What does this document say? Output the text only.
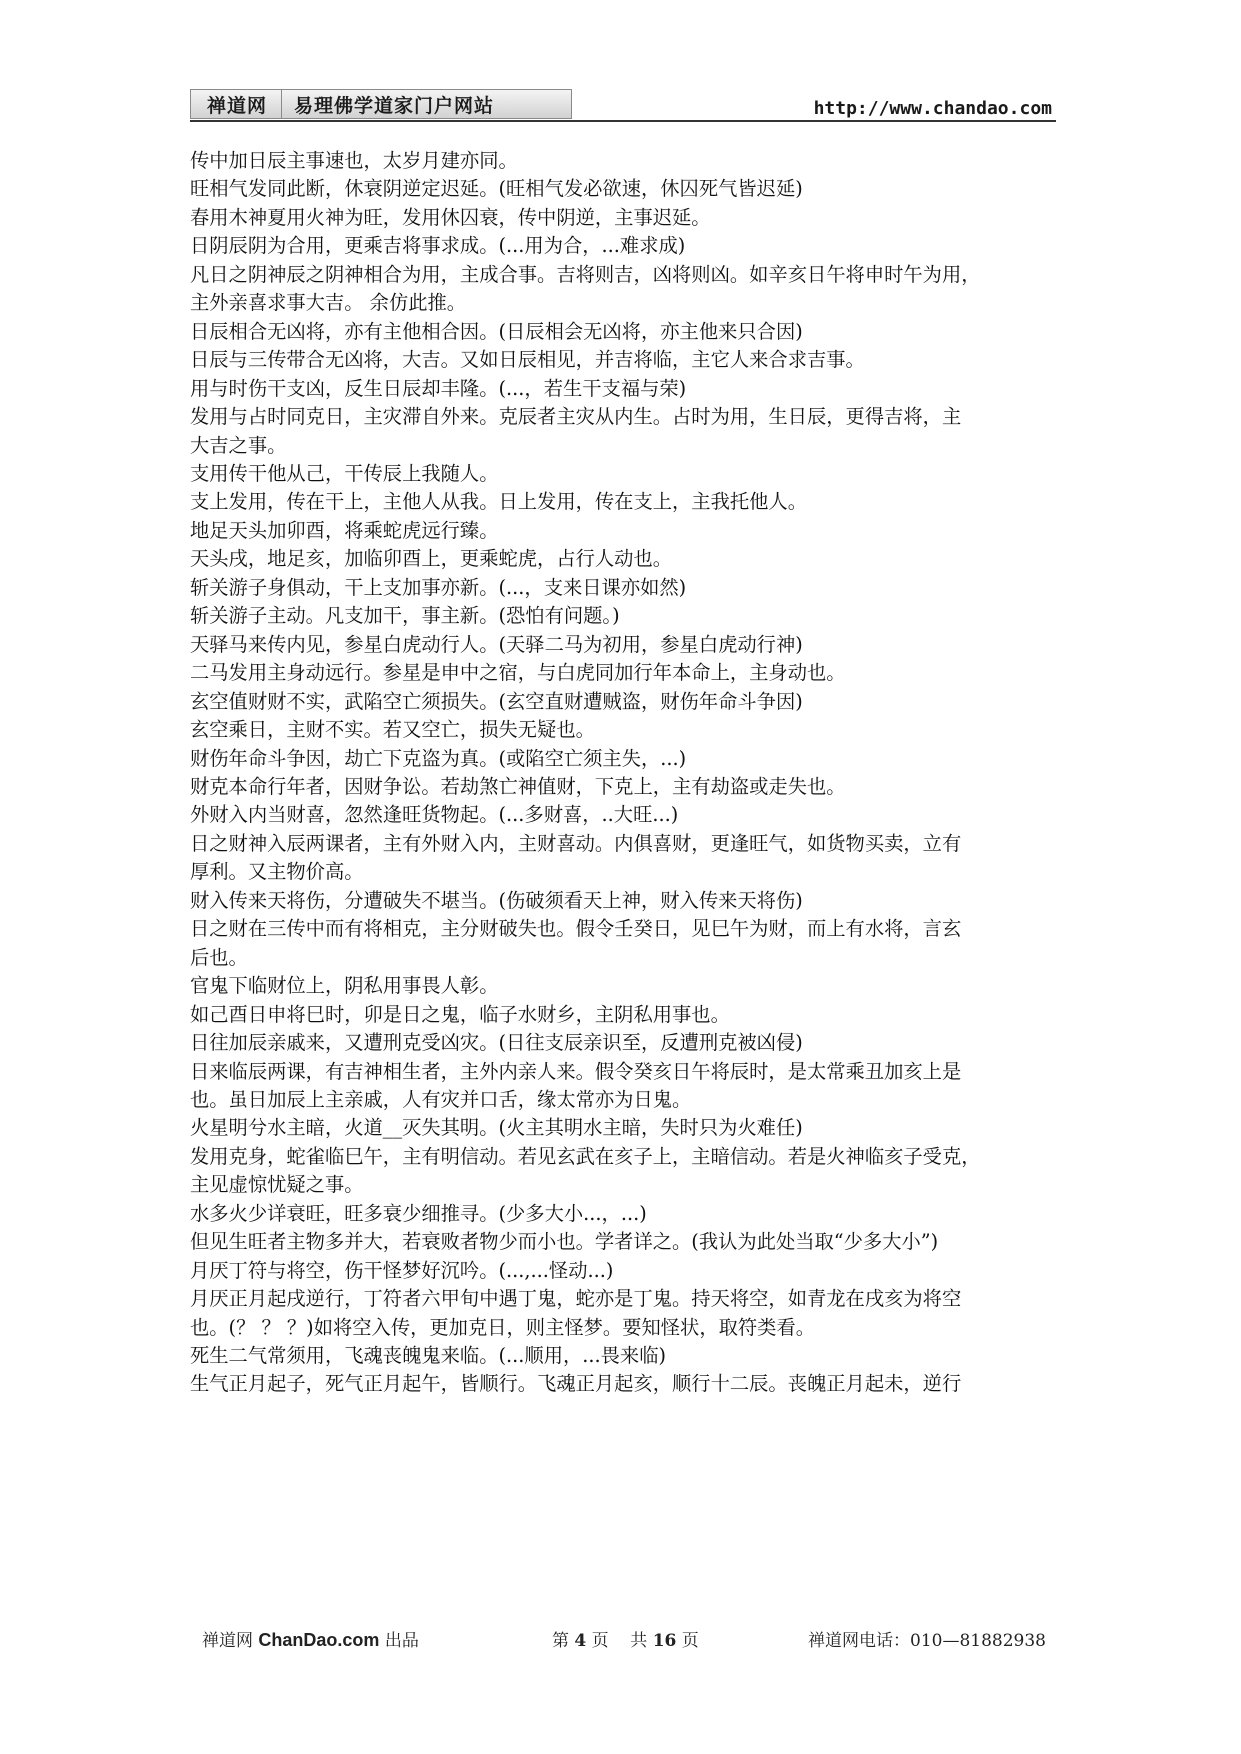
禅道网	易理佛学道家门户网站	http://www.chandao.com
传中加日辰主事速也，太岁月建亦同。
旺相气发同此断，休衰阴逆定迟延。(旺相气发必欲速，休囚死气皆迟延)
春用木神夏用火神为旺，发用休囚衰，传中阴逆，主事迟延。
日阴辰阴为合用，更乘吉将事求成。(...用为合，...难求成)
凡日之阴神辰之阴神相合为用，主成合事。吉将则吉，凶将则凶。如辛亥日午将申时午为用，
主外亲喜求事大吉。 余仿此推。
日辰相合无凶将，亦有主他相合因。(日辰相会无凶将，亦主他来只合因)
日辰与三传带合无凶将，大吉。又如日辰相见，并吉将临，主它人来合求吉事。
用与时伤干支凶，反生日辰却丰隆。(...，若生干支福与荣)
发用与占时同克日，主灾滞自外来。克辰者主灾从内生。占时为用，生日辰，更得吉将，主
大吉之事。
支用传干他从己，干传辰上我随人。
支上发用，传在干上，主他人从我。日上发用，传在支上，主我托他人。
地足天头加卯酉，将乘蛇虎远行臻。
天头戌，地足亥，加临卯酉上，更乘蛇虎，占行人动也。
斩关游子身俱动，干上支加事亦新。(...，支来日课亦如然)
斩关游子主动。凡支加干，事主新。(恐怕有问题。)
天驿马来传内见，参星白虎动行人。(天驿二马为初用，参星白虎动行神)
二马发用主身动远行。参星是申中之宿，与白虎同加行年本命上，主身动也。
玄空值财财不实，武陷空亡须损失。(玄空直财遭贼盗，财伤年命斗争因)
玄空乘日，主财不实。若又空亡，损失无疑也。
财伤年命斗争因，劫亡下克盗为真。(或陷空亡须主失，...)
财克本命行年者，因财争讼。若劫煞亡神值财，下克上，主有劫盗或走失也。
外财入内当财喜，忽然逢旺货物起。(...多财喜，..大旺...)
日之财神入辰两课者，主有外财入内，主财喜动。内俱喜财，更逢旺气，如货物买卖，立有
厚利。又主物价高。
财入传来天将伤，分遭破失不堪当。(伤破须看天上神，财入传来天将伤)
日之财在三传中而有将相克，主分财破失也。假令壬癸日，见巳午为财，而上有水将，言玄
后也。
官鬼下临财位上，阴私用事畏人彰。
如己酉日申将巳时，卯是日之鬼，临子水财乡，主阴私用事也。
日往加辰亲戚来，又遭刑克受凶灾。(日往支辰亲识至，反遭刑克被凶侵)
日来临辰两课，有吉神相生者，主外内亲人来。假令癸亥日午将辰时，是太常乘丑加亥上是
也。虽日加辰上主亲戚，人有灾并口舌，缘太常亦为日鬼。
火星明兮水主暗，火道__灭失其明。(火主其明水主暗，失时只为火难任)
发用克身，蛇雀临巳午，主有明信动。若见玄武在亥子上，主暗信动。若是火神临亥子受克，
主见虚惊忧疑之事。
水多火少详衰旺，旺多衰少细推寻。(少多大小...，...)
但见生旺者主物多并大，若衰败者物少而小也。学者详之。(我认为此处当取“少多大小”)
月厌丁符与将空，伤干怪梦好沉吟。(...,...怪动...)
月厌正月起戌逆行，丁符者六甲旬中遇丁鬼，蛇亦是丁鬼。持天将空，如青龙在戌亥为将空
也。(？ ？ ？)如将空入传，更加克日，则主怪梦。要知怪状，取符类看。
死生二气常须用，飞魂丧魄鬼来临。(...顺用，...畏来临)
生气正月起子，死气正月起午，皆顺行。飞魂正月起亥，顺行十二辰。丧魄正月起未，逆行
禅道网 ChanDao.com 出品	第 4 页 共 16 页	禅道网电话：010—81882938
